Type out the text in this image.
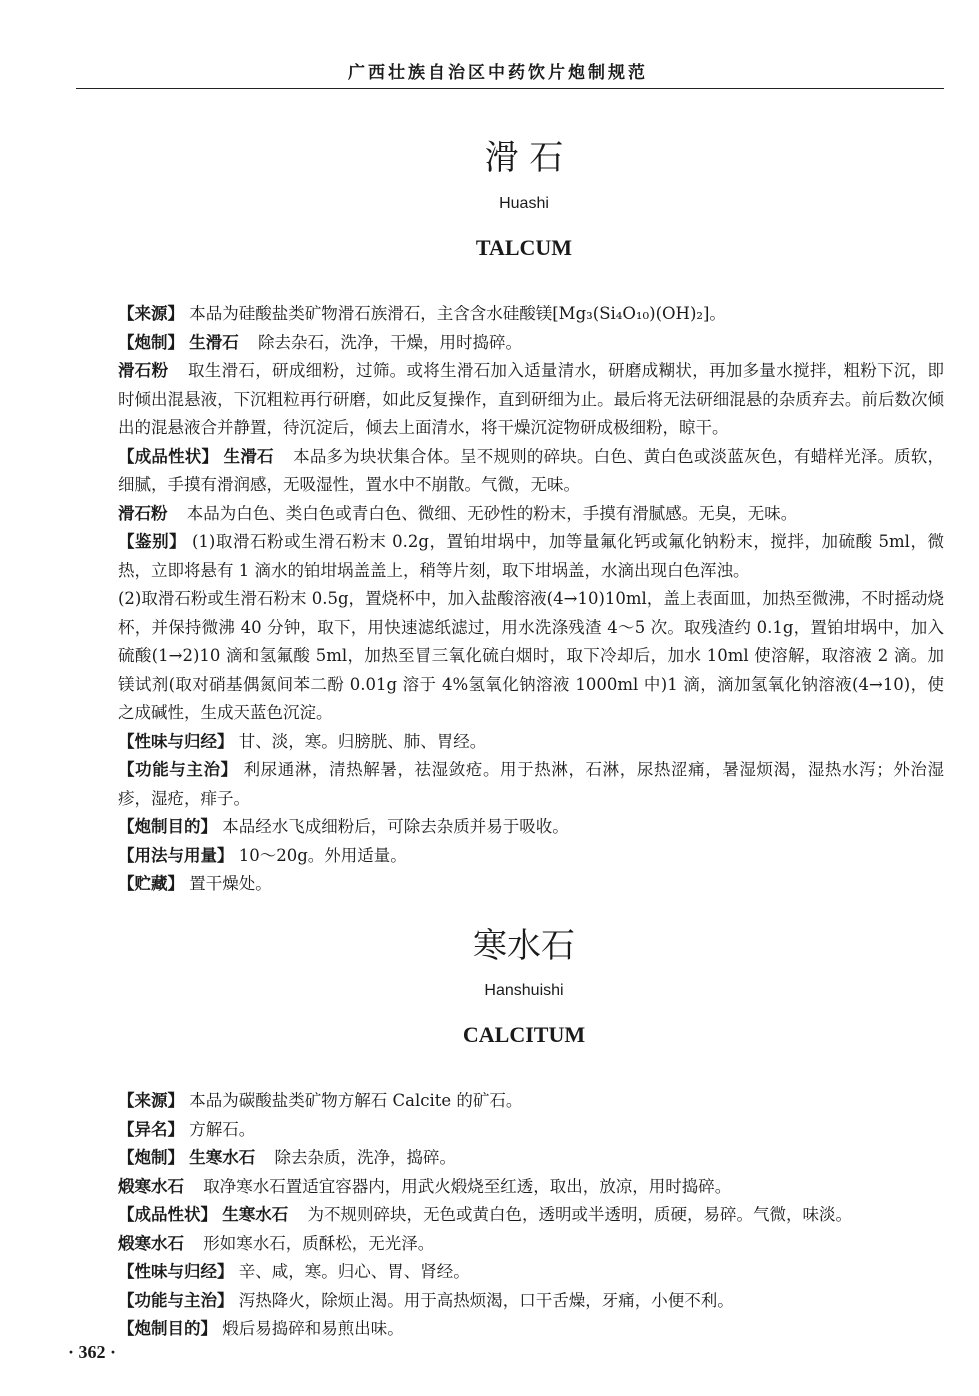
广西壮族自治区中药饮片炮制规范
滑 石
Huashi
TALCUM

【来源】 本品为硅酸盐类矿物滑石族滑石，主含含水硅酸镁[Mg₃(Si₄O₁₀)(OH)₂]。

【炮制】 生滑石 除去杂石，洗净，干燥，用时捣碎。

滑石粉 取生滑石，研成细粉，过筛。或将生滑石加入适量清水，研磨成糊状，再加多量水搅拌，粗粉下沉，即时倾出混悬液，下沉粗粒再行研磨，如此反复操作，直到研细为止。最后将无法研细混悬的杂质弃去。前后数次倾出的混悬液合并静置，待沉淀后，倾去上面清水，将干燥沉淀物研成极细粉，晾干。

【成品性状】 生滑石 本品多为块状集合体。呈不规则的碎块。白色、黄白色或淡蓝灰色，有蜡样光泽。质软，细腻，手摸有滑润感，无吸湿性，置水中不崩散。气微，无味。

滑石粉 本品为白色、类白色或青白色、微细、无砂性的粉末，手摸有滑腻感。无臭，无味。

【鉴别】 (1)取滑石粉或生滑石粉末 0.2g，置铂坩埚中，加等量氟化钙或氟化钠粉末，搅拌，加硫酸 5ml，微热，立即将悬有 1 滴水的铂坩埚盖盖上，稍等片刻，取下坩埚盖，水滴出现白色浑浊。

(2)取滑石粉或生滑石粉末 0.5g，置烧杯中，加入盐酸溶液(4→10)10ml，盖上表面皿，加热至微沸，不时摇动烧杯，并保持微沸 40 分钟，取下，用快速滤纸滤过，用水洗涤残渣 4～5 次。取残渣约 0.1g，置铂坩埚中，加入硫酸(1→2)10 滴和氢氟酸 5ml，加热至冒三氧化硫白烟时，取下冷却后，加水 10ml 使溶解，取溶液 2 滴。加镁试剂(取对硝基偶氮间苯二酚 0.01g 溶于 4%氢氧化钠溶液 1000ml 中)1 滴，滴加氢氧化钠溶液(4→10)，使之成碱性，生成天蓝色沉淀。

【性味与归经】 甘、淡，寒。归膀胱、肺、胃经。

【功能与主治】 利尿通淋，清热解暑，祛湿敛疮。用于热淋，石淋，尿热涩痛，暑湿烦渴，湿热水泻；外治湿疹，湿疮，痱子。

【炮制目的】 本品经水飞成细粉后，可除去杂质并易于吸收。

【用法与用量】 10～20g。外用适量。

【贮藏】 置干燥处。

寒水石
Hanshuishi
CALCITUM

【来源】 本品为碳酸盐类矿物方解石 Calcite 的矿石。

【异名】 方解石。

【炮制】 生寒水石 除去杂质，洗净，捣碎。

煅寒水石 取净寒水石置适宜容器内，用武火煅烧至红透，取出，放凉，用时捣碎。

【成品性状】 生寒水石 为不规则碎块，无色或黄白色，透明或半透明，质硬，易碎。气微，味淡。

煅寒水石 形如寒水石，质酥松，无光泽。

【性味与归经】 辛、咸，寒。归心、胃、肾经。

【功能与主治】 泻热降火，除烦止渴。用于高热烦渴，口干舌燥，牙痛，小便不利。

【炮制目的】 煅后易捣碎和易煎出味。

· 362 ·
